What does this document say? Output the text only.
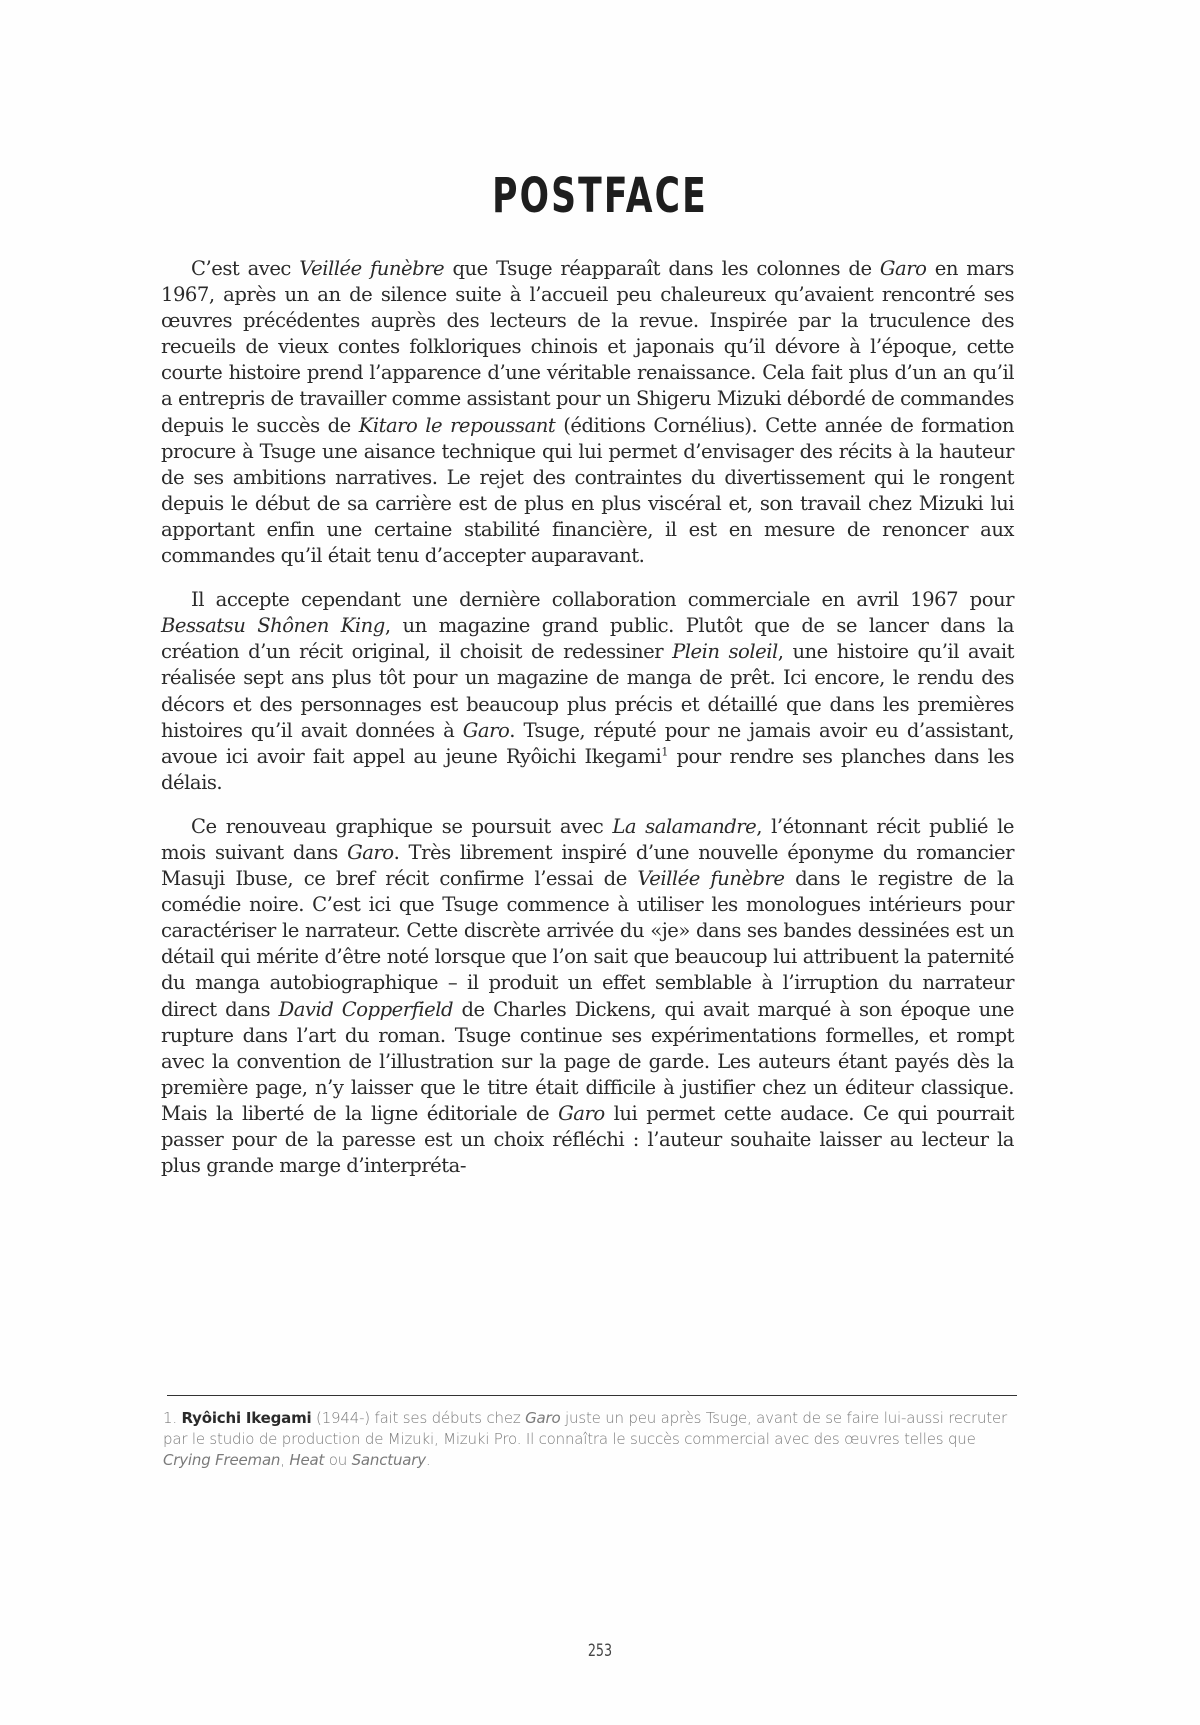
POSTFACE

C’est avec Veillée funèbre que Tsuge réapparaît dans les colonnes de Garo en mars 1967, après un an de silence suite à l’accueil peu chaleureux qu’avaient rencontré ses œuvres précédentes auprès des lecteurs de la revue. Inspirée par la truculence des recueils de vieux contes folkloriques chinois et japonais qu’il dévore à l’époque, cette courte histoire prend l’apparence d’une véritable renaissance. Cela fait plus d’un an qu’il a entrepris de travailler comme assistant pour un Shigeru Mizuki débordé de commandes depuis le succès de Kitaro le repoussant (éditions Cornélius). Cette année de formation procure à Tsuge une aisance technique qui lui permet d’envisager des récits à la hauteur de ses ambitions narratives. Le rejet des contraintes du divertissement qui le rongent depuis le début de sa carrière est de plus en plus viscéral et, son travail chez Mizuki lui apportant enfin une certaine stabilité financière, il est en mesure de renoncer aux commandes qu’il était tenu d’accepter auparavant.

Il accepte cependant une dernière collaboration commerciale en avril 1967 pour Bessatsu Shônen King, un magazine grand public. Plutôt que de se lancer dans la création d’un récit original, il choisit de redessiner Plein soleil, une histoire qu’il avait réalisée sept ans plus tôt pour un magazine de manga de prêt. Ici encore, le rendu des décors et des personnages est beaucoup plus précis et détaillé que dans les premières histoires qu’il avait données à Garo. Tsuge, réputé pour ne jamais avoir eu d’assistant, avoue ici avoir fait appel au jeune Ryôichi Ikegami$^1$ pour rendre ses planches dans les délais.

Ce renouveau graphique se poursuit avec La salamandre, l’étonnant récit publié le mois suivant dans Garo. Très librement inspiré d’une nouvelle éponyme du romancier Masuji Ibuse, ce bref récit confirme l’essai de Veillée funèbre dans le registre de la comédie noire. C’est ici que Tsuge commence à utiliser les monologues intérieurs pour caractériser le narrateur. Cette discrète arrivée du «je» dans ses bandes dessinées est un détail qui mérite d’être noté lorsque que l’on sait que beaucoup lui attribuent la paternité du manga autobiographique – il produit un effet semblable à l’irruption du narrateur direct dans David Copperfield de Charles Dickens, qui avait marqué à son époque une rupture dans l’art du roman. Tsuge continue ses expérimentations formelles, et rompt avec la convention de l’illustration sur la page de garde. Les auteurs étant payés dès la première page, n’y laisser que le titre était difficile à justifier chez un éditeur classique. Mais la liberté de la ligne éditoriale de Garo lui permet cette audace. Ce qui pourrait passer pour de la paresse est un choix réfléchi : l’auteur souhaite laisser au lecteur la plus grande marge d’interpréta-

1. Ryôichi Ikegami (1944-) fait ses débuts chez Garo juste un peu après Tsuge, avant de se faire lui-aussi recruter par le studio de production de Mizuki, Mizuki Pro. Il connaîtra le succès commercial avec des œuvres telles que Crying Freeman, Heat ou Sanctuary.
253
